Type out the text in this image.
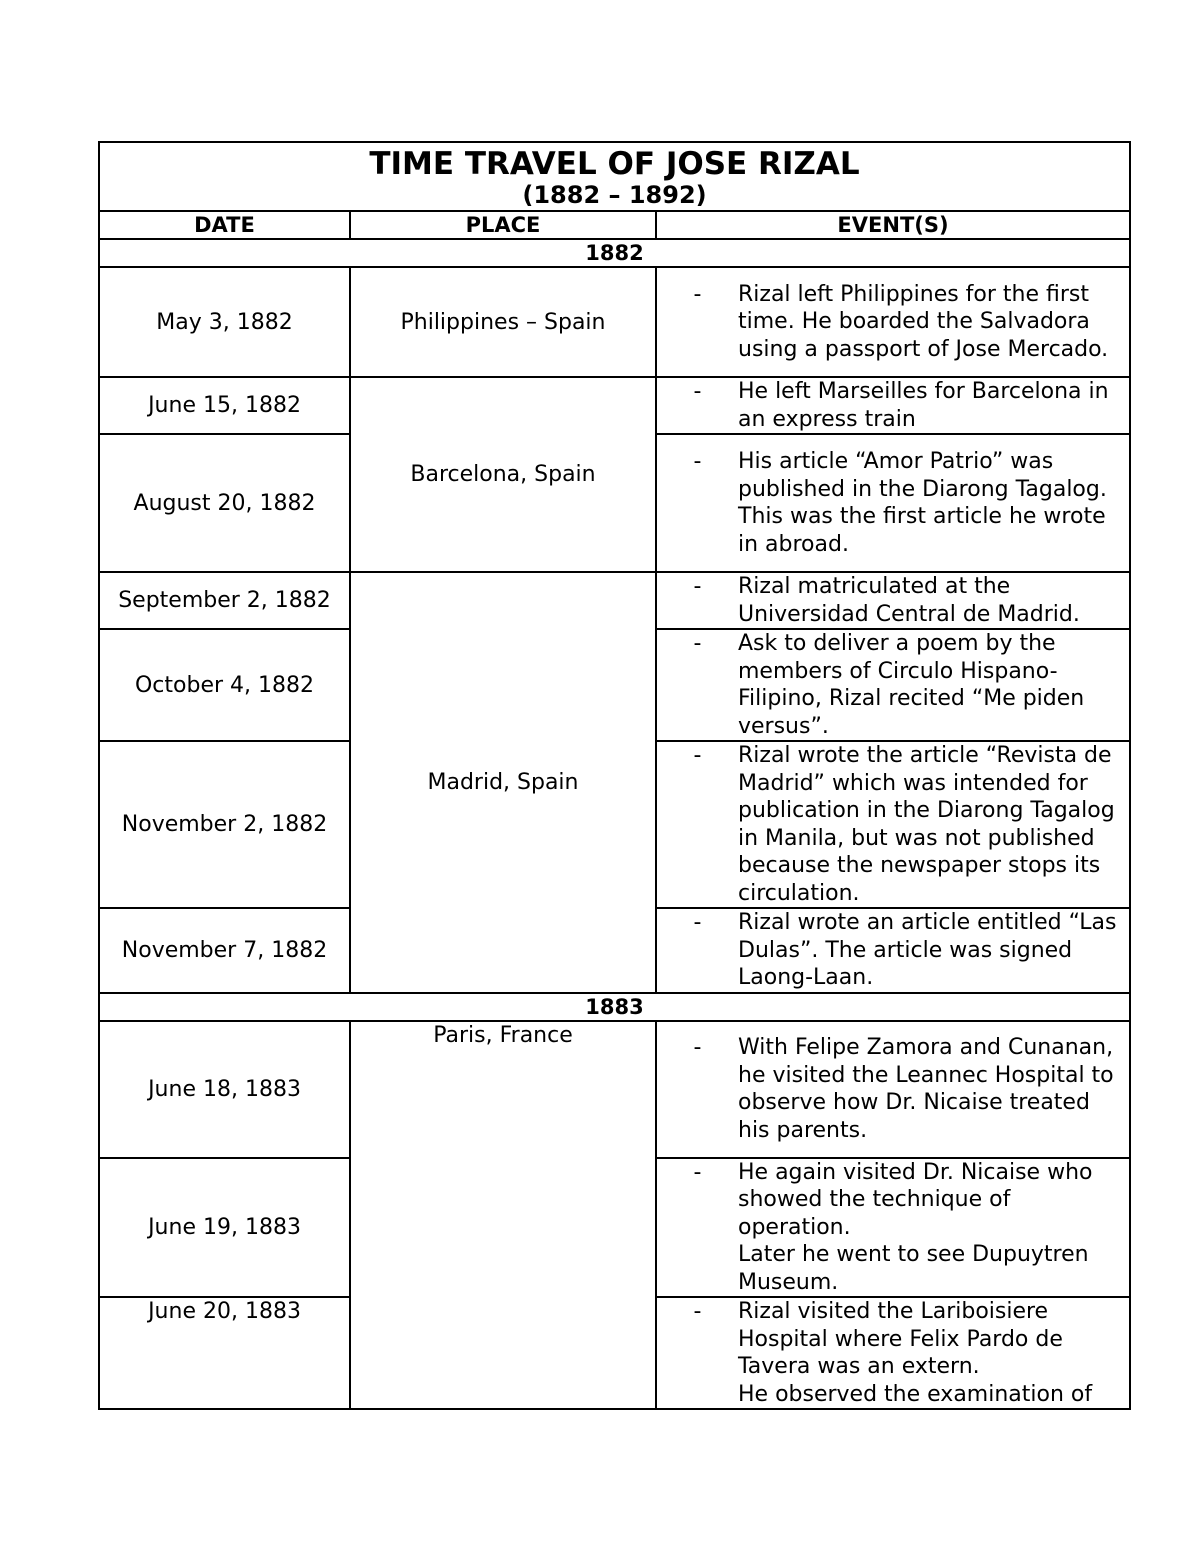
TIME TRAVEL OF JOSE RIZAL
(1882 – 1892)		

DATE	PLACE	EVENT(S)
1882		
May 3, 1882	Philippines – Spain	- Rizal left Philippines for the first time. He boarded the Salvadora using a passport of Jose Mercado.

June 15, 1882	Barcelona, Spain	- He left Marseilles for Barcelona in an express train

August 20, 1882		- His article “Amor Patrio” was published in the Diarong Tagalog.
This was the first article he wrote in abroad.

September 2, 1882	Madrid, Spain	- Rizal matriculated at the Universidad Central de Madrid.

October 4, 1882		- Ask to deliver a poem by the members of Circulo Hispano-Filipino, Rizal recited “Me piden versus”.

November 2, 1882		- Rizal wrote the article “Revista de Madrid” which was intended for publication in the Diarong Tagalog in Manila, but was not published because the newspaper stops its circulation.

November 7, 1882		- Rizal wrote an article entitled “Las Dulas”. The article was signed Laong-Laan.

1883		
June 18, 1883	Paris, France	- With Felipe Zamora and Cunanan, he visited the Leannec Hospital to observe how Dr. Nicaise treated his parents.

June 19, 1883		- He again visited Dr. Nicaise who showed the technique of operation.
Later he went to see Dupuytren Museum.

June 20, 1883		- Rizal visited the Lariboisiere Hospital where Felix Pardo de Tavera was an extern.
He observed the examination of
